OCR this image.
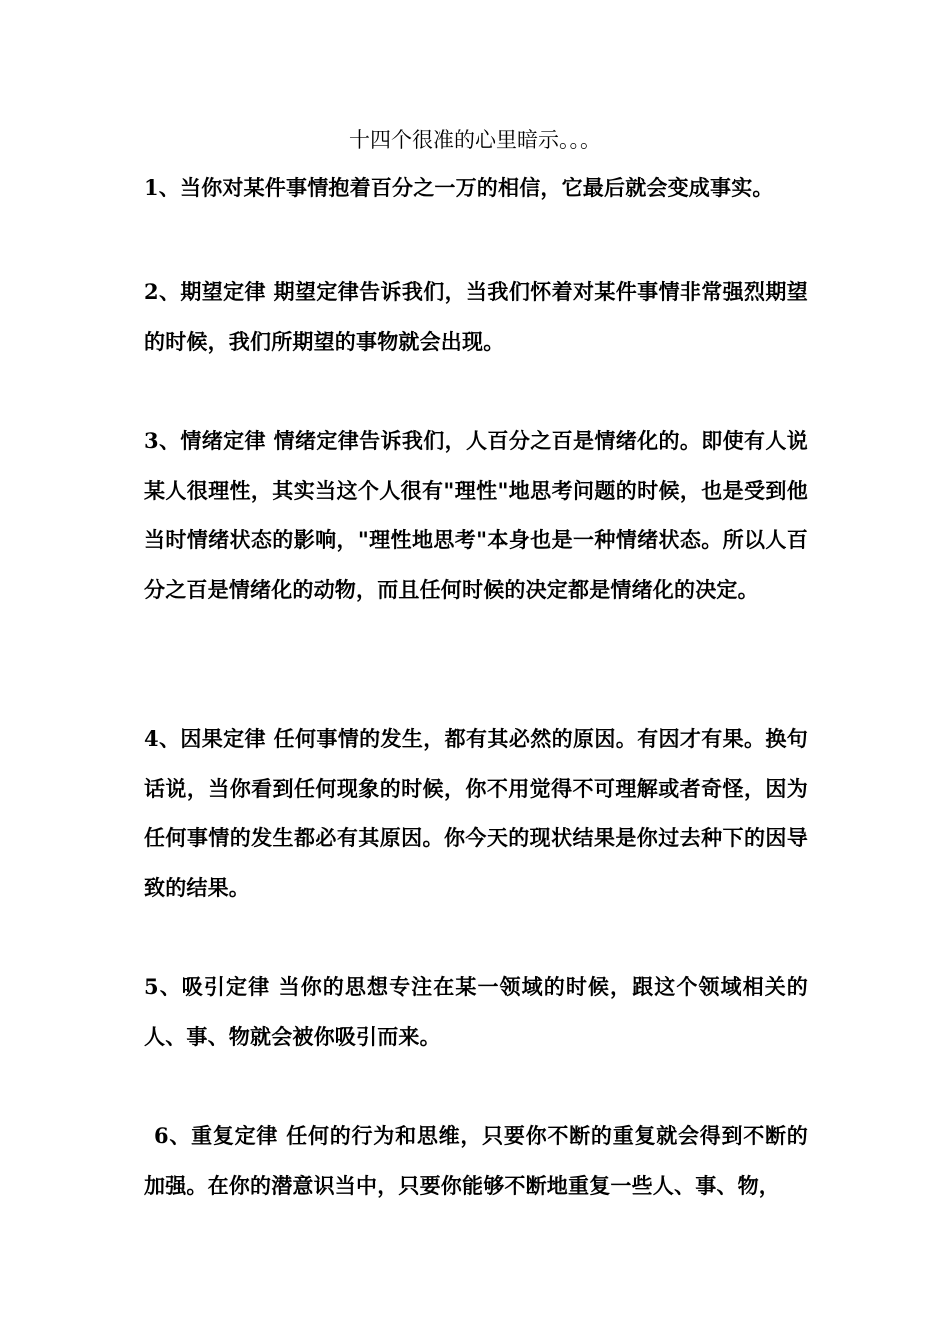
十四个很准的心里暗示。。。

1、当你对某件事情抱着百分之一万的相信，它最后就会变成事实。

2、期望定律 期望定律告诉我们，当我们怀着对某件事情非常强烈期望的时候，我们所期望的事物就会出现。

3、情绪定律 情绪定律告诉我们，人百分之百是情绪化的。即使有人说某人很理性，其实当这个人很有"理性"地思考问题的时候，也是受到他当时情绪状态的影响，"理性地思考"本身也是一种情绪状态。所以人百分之百是情绪化的动物，而且任何时候的决定都是情绪化的决定。

4、因果定律 任何事情的发生，都有其必然的原因。有因才有果。换句话说，当你看到任何现象的时候，你不用觉得不可理解或者奇怪，因为任何事情的发生都必有其原因。你今天的现状结果是你过去种下的因导致的结果。

5、吸引定律 当你的思想专注在某一领域的时候，跟这个领域相关的人、事、物就会被你吸引而来。

6、重复定律 任何的行为和思维，只要你不断的重复就会得到不断的加强。在你的潜意识当中，只要你能够不断地重复一些人、事、物，
